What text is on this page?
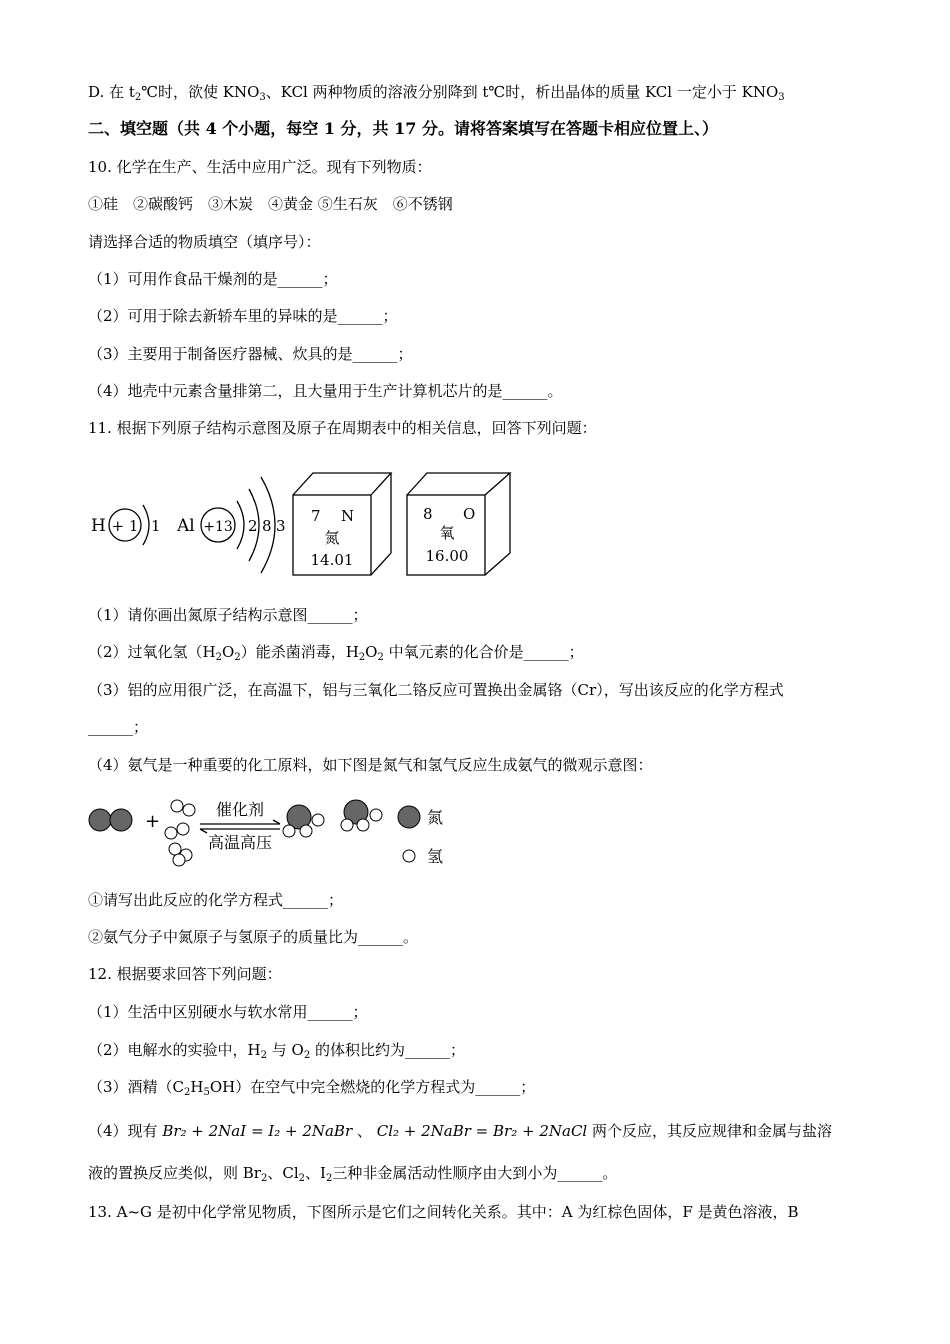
D. 在 $t_2℃$时，欲使 $KNO_3$、KCl 两种物质的溶液分别降到 t℃时，析出晶体的质量 KCl 一定小于 $KNO_3$
二、填空题（共 4 个小题，每空 1 分，共 17 分。请将答案填写在答题卡相应位置上、）
10. 化学在生产、生活中应用广泛。现有下列物质：
①硅　②碳酸钙　③木炭　④黄金 ⑤生石灰　⑥不锈钢
请选择合适的物质填空（填序号）：
（1）可用作食品干燥剂的是______；
（2）可用于除去新轿车里的异味的是______；
（3）主要用于制备医疗器械、炊具的是______；
（4）地壳中元素含量排第二，且大量用于生产计算机芯片的是______。
11. 根据下列原子结构示意图及原子在周期表中的相关信息，回答下列问题：
H + 1 1 Al +13 2 8 3
7 N
氮
14.01
8 O
氧
16.00
（1）请你画出氮原子结构示意图______；
（2）过氧化氢$(H_2O_2)$能杀菌消毒，$H_2O_2$ 中氧元素的化合价是______；
（3）铝的应用很广泛，在高温下，铝与三氧化二铬反应可置换出金属铬（Cr），写出该反应的化学方程式
______；
（4）氨气是一种重要的化工原料，如下图是氮气和氢气反应生成氨气的微观示意图：
+
催化剂
高温高压
氮
氢
①请写出此反应的化学方程式______；
②氨气分子中氮原子与氢原子的质量比为______。
12. 根据要求回答下列问题：
（1）生活中区别硬水与软水常用______；
（2）电解水的实验中，$H_2$ 与 $O_2$ 的体积比约为______；
（3）酒精$(C_2H_5OH)$在空气中完全燃烧的化学方程式为______；
（4）现有 Br₂ + 2NaI = I₂ + 2NaBr 、 Cl₂ + 2NaBr = Br₂ + 2NaCl 两个反应，其反应规律和金属与盐溶
液的置换反应类似，则 $Br_2$、$Cl_2$、$I_2$三种非金属活动性顺序由大到小为______。
13. A~G 是初中化学常见物质，下图所示是它们之间转化关系。其中：A 为红棕色固体，F 是黄色溶液，B
